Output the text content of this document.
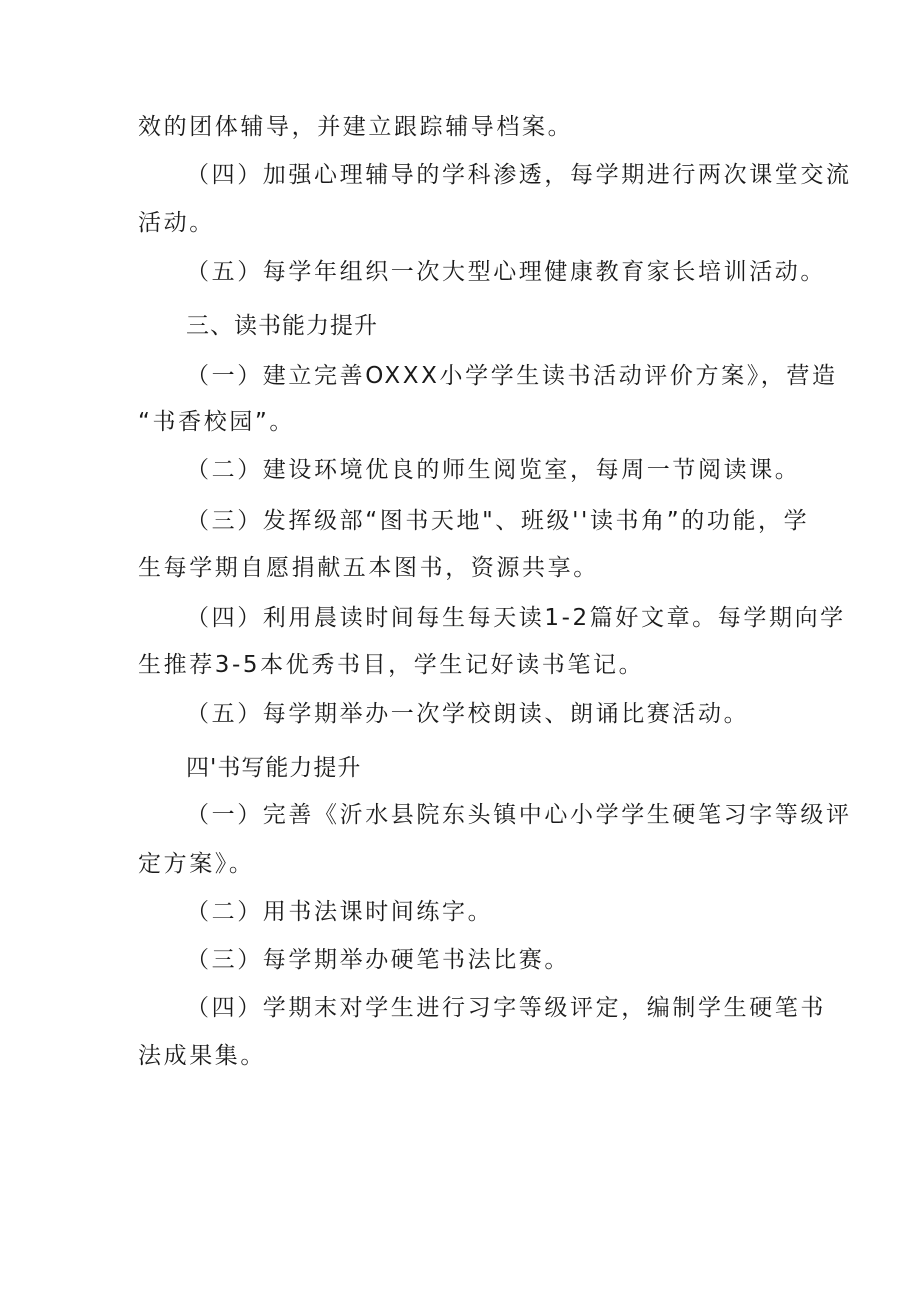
效的团体辅导，并建立跟踪辅导档案。
（四）加强心理辅导的学科渗透，每学期进行两次课堂交流
活动。
（五）每学年组织一次大型心理健康教育家长培训活动。
三、读书能力提升
（一）建立完善OXXX小学学生读书活动评价方案》，营造
“书香校园”。
（二）建设环境优良的师生阅览室，每周一节阅读课。
（三）发挥级部“图书天地"、班级''读书角”的功能，学
生每学期自愿捐献五本图书，资源共享。
（四）利用晨读时间每生每天读1-2篇好文章。每学期向学
生推荐3-5本优秀书目，学生记好读书笔记。
（五）每学期举办一次学校朗读、朗诵比赛活动。
四'书写能力提升
（一）完善《沂水县院东头镇中心小学学生硬笔习字等级评
定方案》。
（二）用书法课时间练字。
（三）每学期举办硬笔书法比赛。
（四）学期末对学生进行习字等级评定，编制学生硬笔书
法成果集。
